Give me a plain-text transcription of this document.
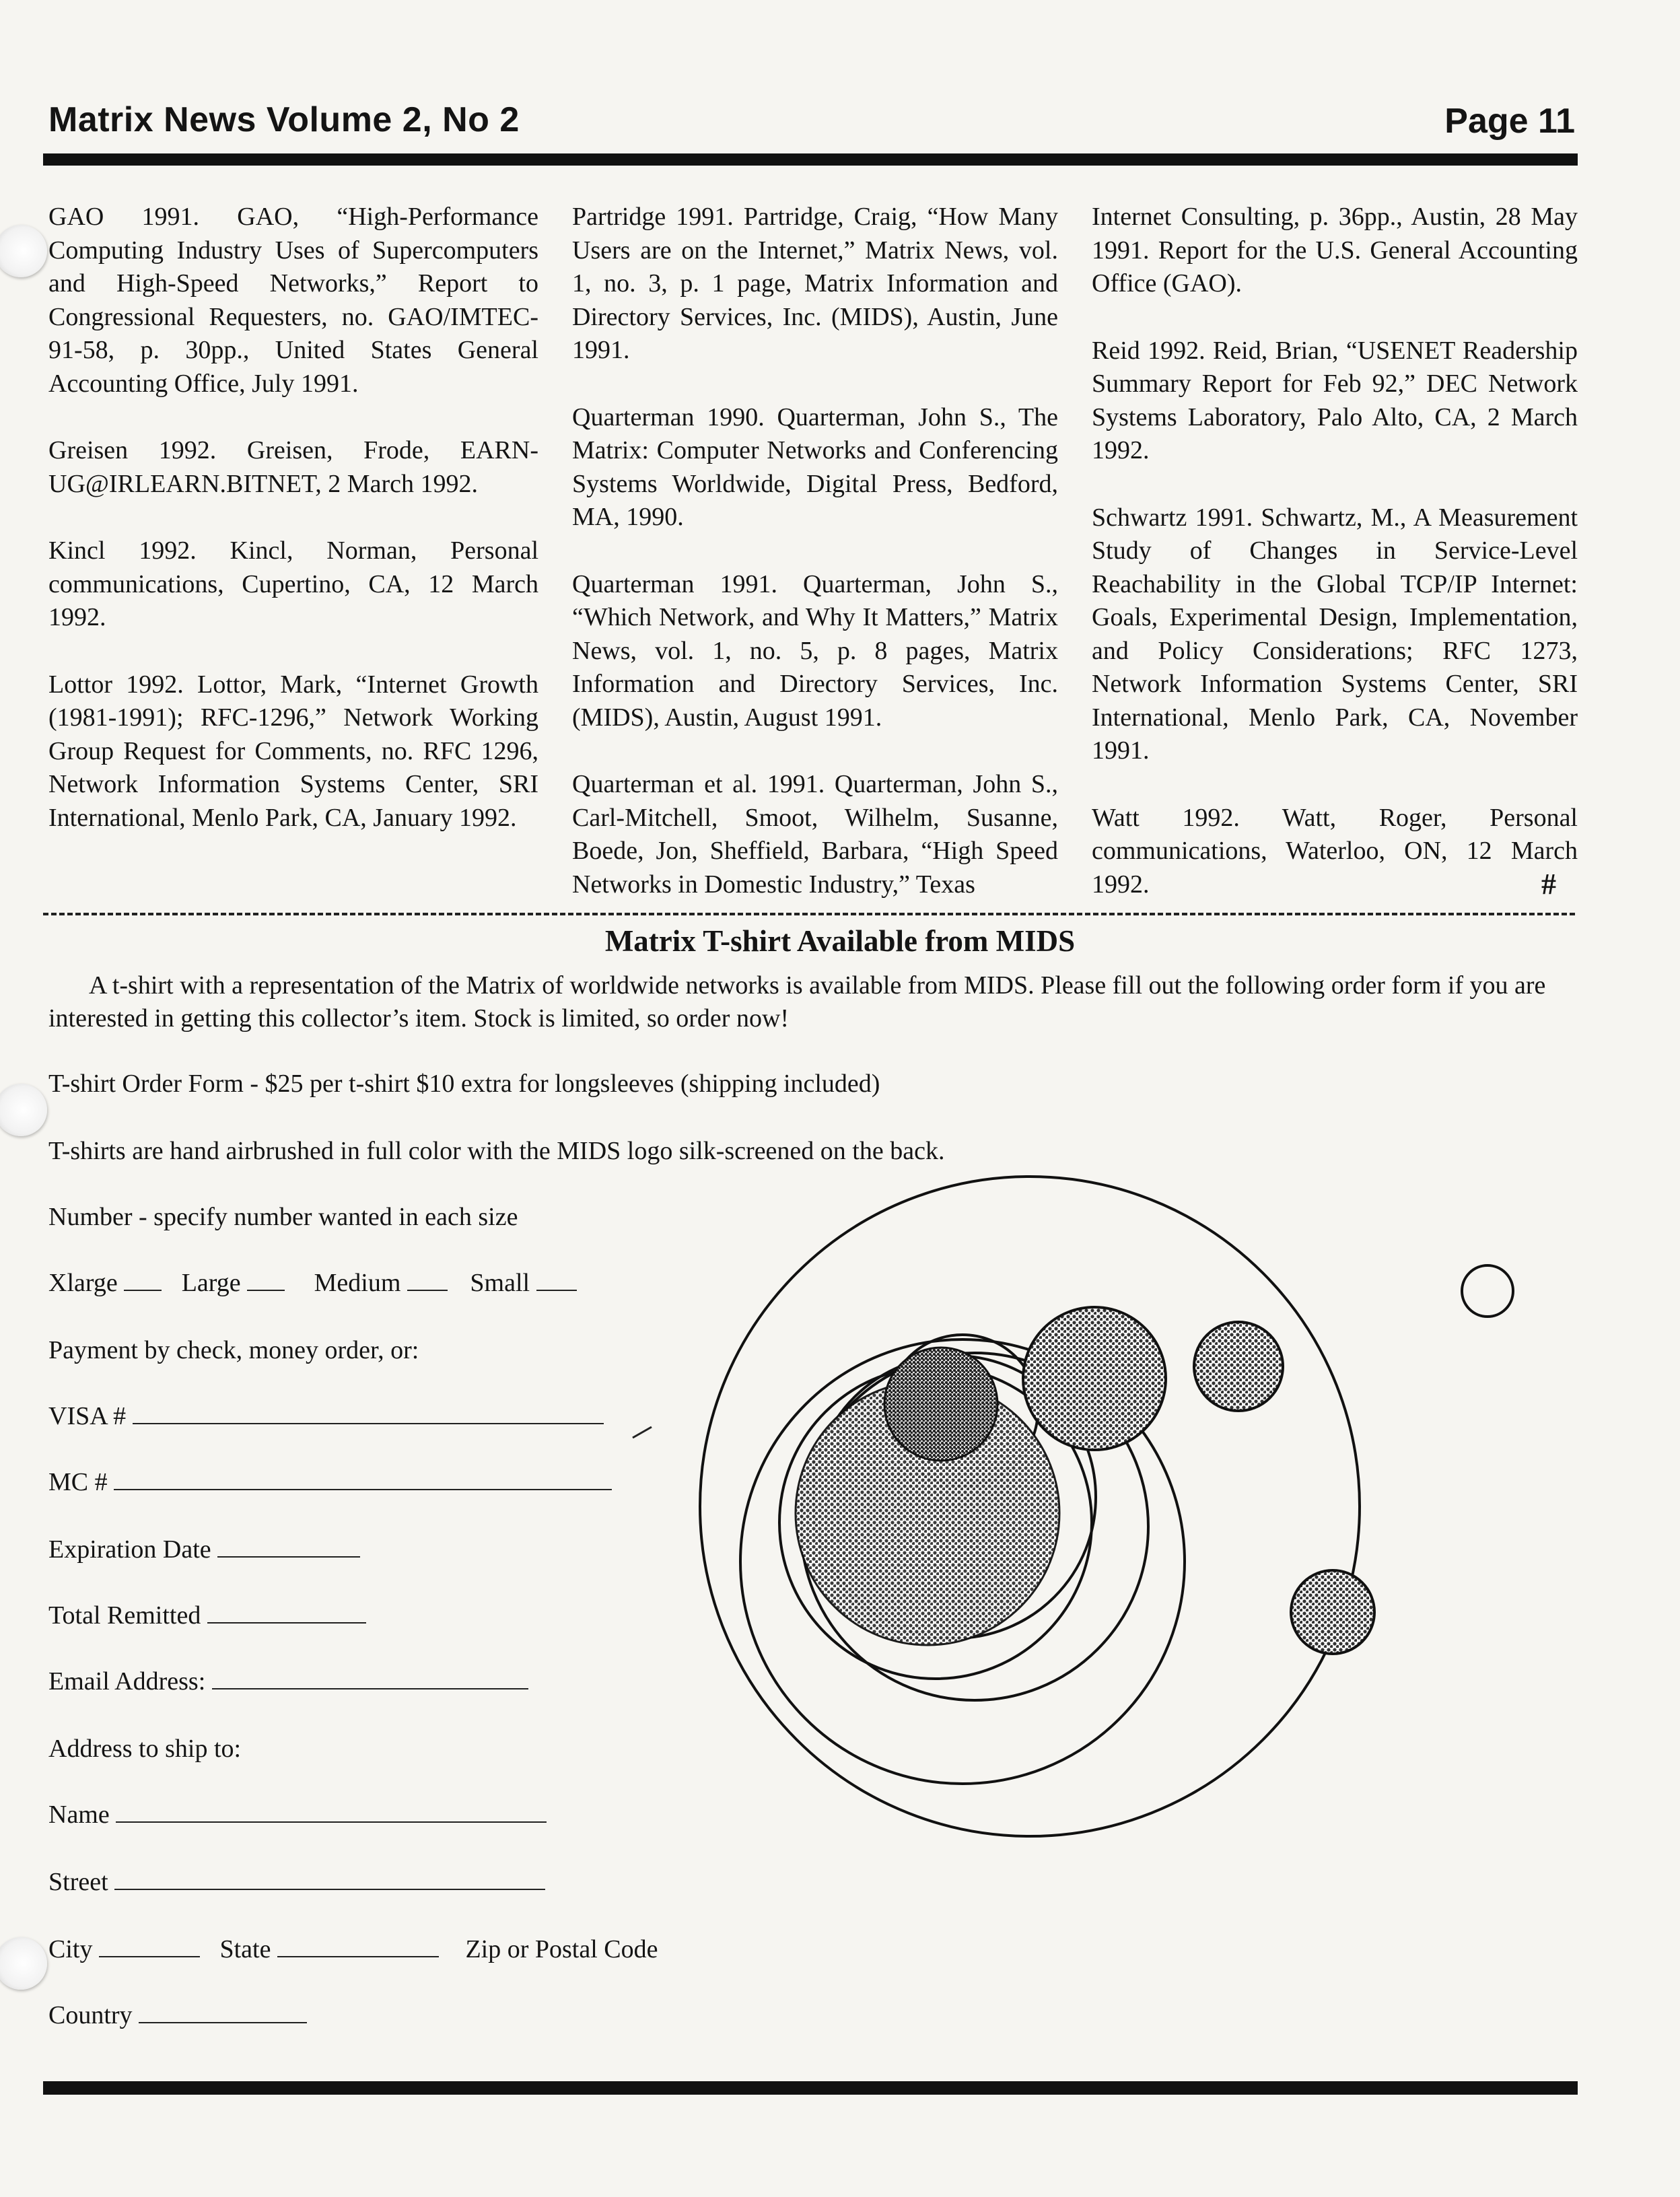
Matrix News Volume 2, No 2	Page 11

GAO 1991. GAO, “High-Performance Computing Industry Uses of Supercomputers and High-Speed Networks,” Report to Congressional Requesters, no. GAO/IMTEC-91-58, p. 30pp., United States General Accounting Office, July 1991.

Greisen 1992. Greisen, Frode, EARN-UG@IRLEARN.BITNET, 2 March 1992.

Kincl 1992. Kincl, Norman, Personal communications, Cupertino, CA, 12 March 1992.

Lottor 1992. Lottor, Mark, “Internet Growth (1981-1991); RFC-1296,” Network Working Group Request for Comments, no. RFC 1296, Network Information Systems Center, SRI International, Menlo Park, CA, January 1992.

Partridge 1991. Partridge, Craig, “How Many Users are on the Internet,” Matrix News, vol. 1, no. 3, p. 1 page, Matrix Information and Directory Services, Inc. (MIDS), Austin, June 1991.

Quarterman 1990. Quarterman, John S., The Matrix: Computer Networks and Conferencing Systems Worldwide, Digital Press, Bedford, MA, 1990.

Quarterman 1991. Quarterman, John S., “Which Network, and Why It Matters,” Matrix News, vol. 1, no. 5, p. 8 pages, Matrix Information and Directory Services, Inc. (MIDS), Austin, August 1991.

Quarterman et al. 1991. Quarterman, John S., Carl-Mitchell, Smoot, Wilhelm, Susanne, Boede, Jon, Sheffield, Barbara, “High Speed Networks in Domestic Industry,” Texas

Internet Consulting, p. 36pp., Austin, 28 May 1991. Report for the U.S. General Accounting Office (GAO).

Reid 1992. Reid, Brian, “USENET Readership Summary Report for Feb 92,” DEC Network Systems Laboratory, Palo Alto, CA, 2 March 1992.

Schwartz 1991. Schwartz, M., A Measurement Study of Changes in Service-Level Reachability in the Global TCP/IP Internet: Goals, Experimental Design, Implementation, and Policy Considerations; RFC 1273, Network Information Systems Center, SRI International, Menlo Park, CA, November 1991.

Watt 1992. Watt, Roger, Personal communications, Waterloo, ON, 12 March 1992.	#
Matrix T-shirt Available from MIDS
A t-shirt with a representation of the Matrix of worldwide networks is available from MIDS. Please fill out the following order form if you are interested in getting this collector’s item. Stock is limited, so order now!
T-shirt Order Form - $25 per t-shirt $10 extra for longsleeves (shipping included)
T-shirts are hand airbrushed in full color with the MIDS logo silk-screened on the back.
Number - specify number wanted in each size
Xlarge	Large	Medium	Small
Payment by check, money order, or:
VISA #
MC #
Expiration Date
Total Remitted
Email Address:
Address to ship to:
Name
Street
City	State	Zip or Postal Code
Country
